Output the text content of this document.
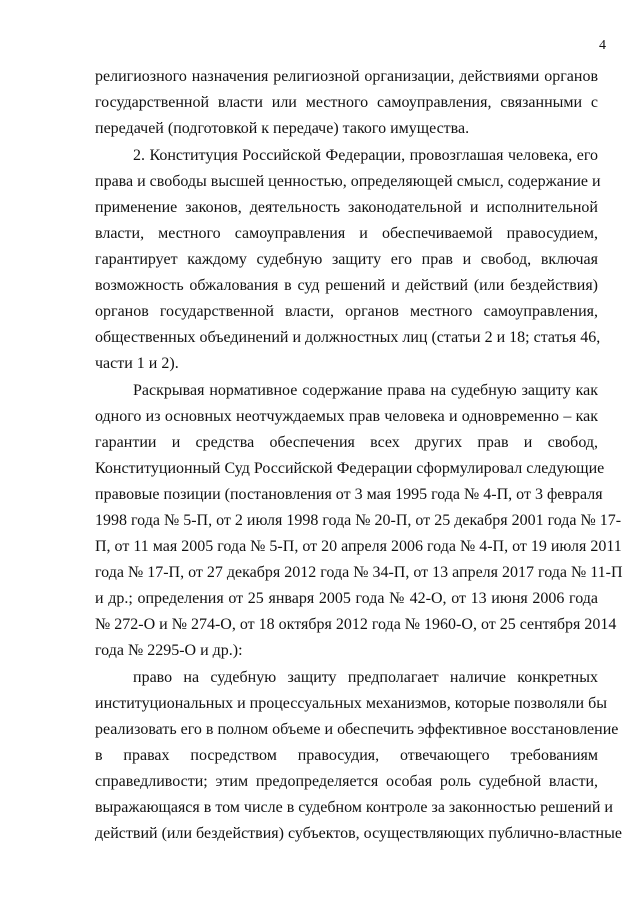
4
религиозного назначения религиозной организации, действиями органов
государственной власти или местного самоуправления, связанными с
передачей (подготовкой к передаче) такого имущества.
2. Конституция Российской Федерации, провозглашая человека, его
права и свободы высшей ценностью, определяющей смысл, содержание и
применение законов, деятельность законодательной и исполнительной
власти, местного самоуправления и обеспечиваемой правосудием,
гарантирует каждому судебную защиту его прав и свобод, включая
возможность обжалования в суд решений и действий (или бездействия)
органов государственной власти, органов местного самоуправления,
общественных объединений и должностных лиц (статьи 2 и 18; статья 46,
части 1 и 2).
Раскрывая нормативное содержание права на судебную защиту как
одного из основных неотчуждаемых прав человека и одновременно – как
гарантии и средства обеспечения всех других прав и свобод,
Конституционный Суд Российской Федерации сформулировал следующие
правовые позиции (постановления от 3 мая 1995 года № 4-П, от 3 февраля
1998 года № 5-П, от 2 июля 1998 года № 20-П, от 25 декабря 2001 года № 17-
П, от 11 мая 2005 года № 5-П, от 20 апреля 2006 года № 4-П, от 19 июля 2011
года № 17-П, от 27 декабря 2012 года № 34-П, от 13 апреля 2017 года № 11-П
и др.; определения от 25 января 2005 года № 42-О, от 13 июня 2006 года
№ 272-О и № 274-О, от 18 октября 2012 года № 1960-О, от 25 сентября 2014
года № 2295-О и др.):
право на судебную защиту предполагает наличие конкретных
институциональных и процессуальных механизмов, которые позволяли бы
реализовать его в полном объеме и обеспечить эффективное восстановление
в правах посредством правосудия, отвечающего требованиям
справедливости; этим предопределяется особая роль судебной власти,
выражающаяся в том числе в судебном контроле за законностью решений и
действий (или бездействия) субъектов, осуществляющих публично-властные
